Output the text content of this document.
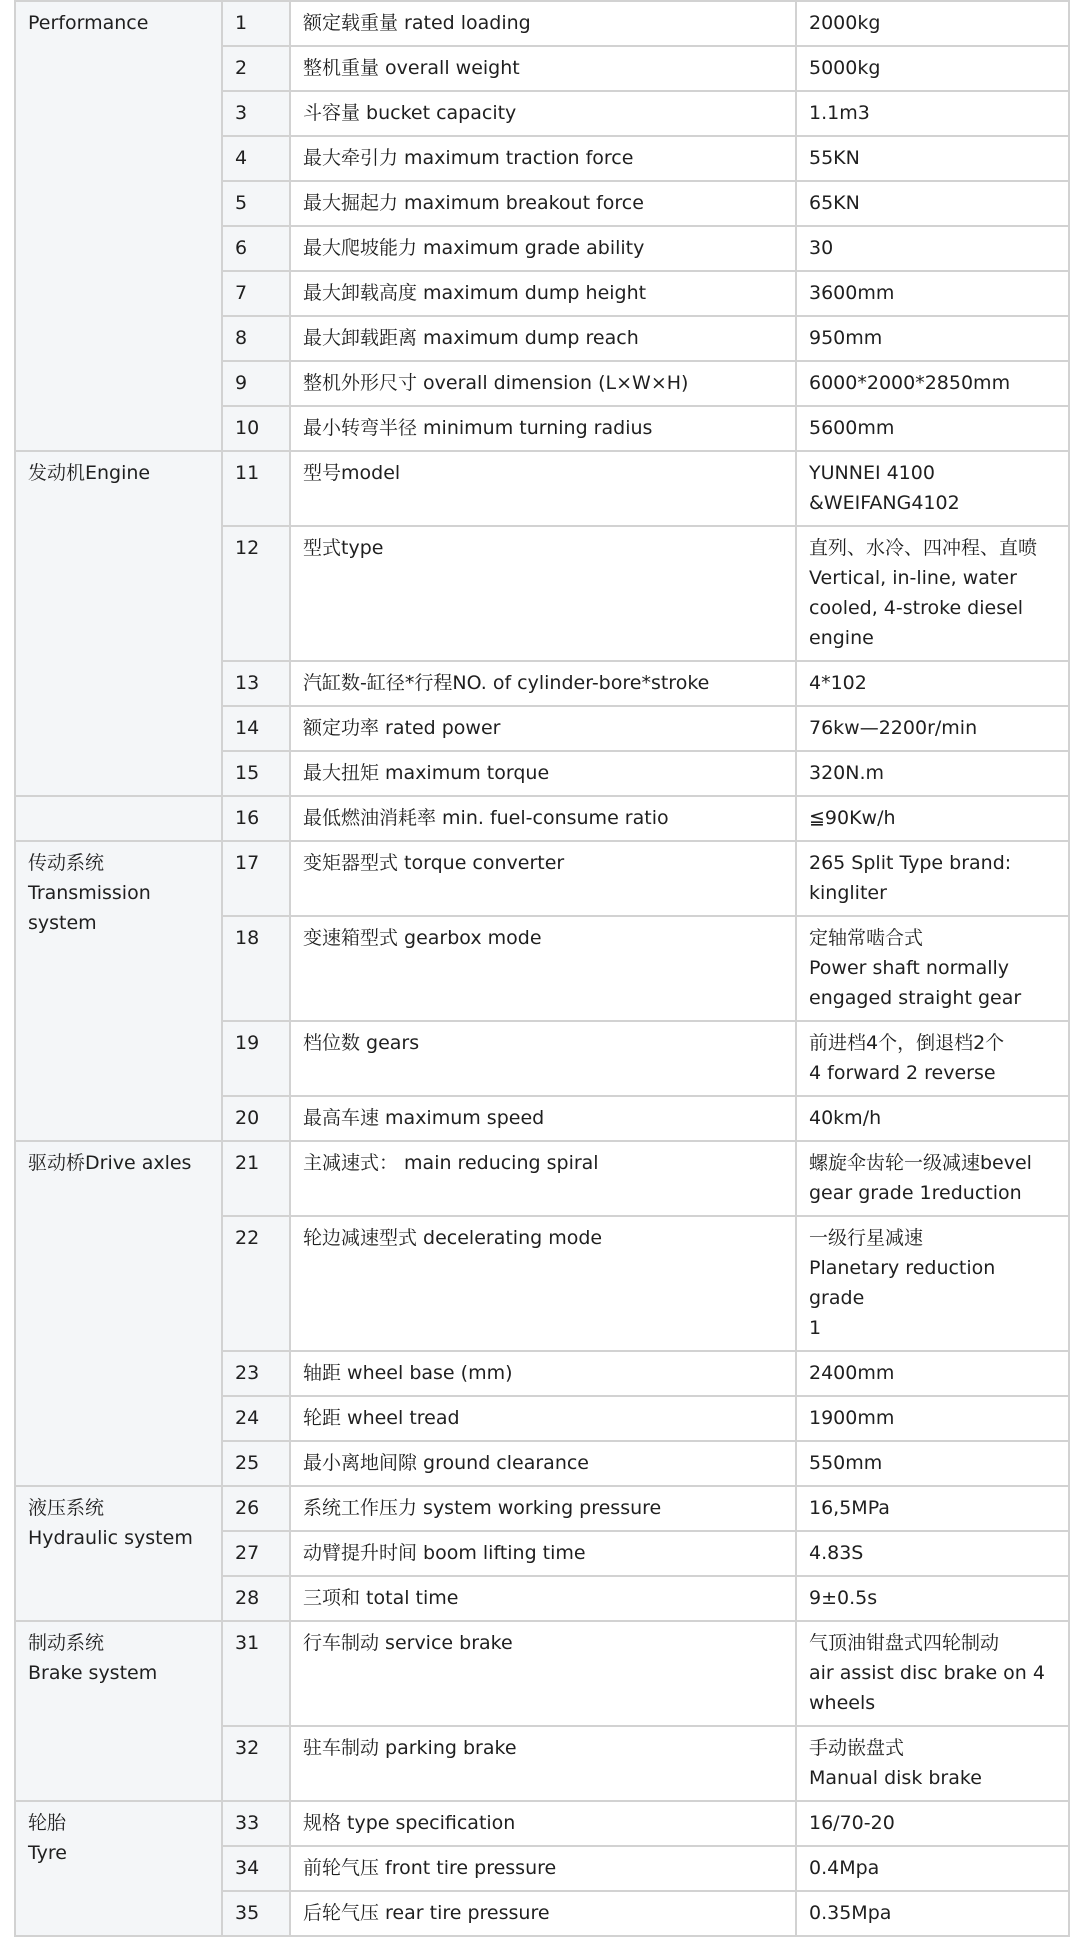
Performance	1	额定载重量 rated loading	2000kg

	2	整机重量 overall weight	5000kg

	3	斗容量 bucket capacity	1.1m3

	4	最大牵引力 maximum traction force	55KN

	5	最大掘起力 maximum breakout force	65KN

	6	最大爬坡能力 maximum grade ability	30

	7	最大卸载高度 maximum dump height	3600mm

	8	最大卸载距离 maximum dump reach	950mm

	9	整机外形尺寸 overall dimension (L×W×H)	6000*2000*2850mm

	10	最小转弯半径 minimum turning radius	5600mm

发动机Engine	11	型号model	YUNNEI 4100
&WEIFANG4102

	12	型式type	直列、水冷、四冲程、直喷
Vertical, in-line, water
cooled, 4-stroke diesel
engine

	13	汽缸数-缸径*行程NO. of cylinder-bore*stroke	4*102

	14	额定功率 rated power	76kw—2200r/min

	15	最大扭矩 maximum torque	320N.m

	16	最低燃油消耗率 min. fuel-consume ratio	≦90Kw/h

传动系统
Transmission
system	17	变矩器型式 torque converter	265 Split Type brand:
kingliter

	18	变速箱型式 gearbox mode	定轴常啮合式
Power shaft normally
engaged straight gear

	19	档位数 gears	前进档4个，倒退档2个
4 forward 2 reverse

	20	最高车速 maximum speed	40km/h

驱动桥Drive axles	21	主减速式： main reducing spiral	螺旋伞齿轮一级减速bevel
gear grade 1reduction

	22	轮边减速型式 decelerating mode	一级行星减速
Planetary reduction grade
1

	23	轴距 wheel base (mm)	2400mm

	24	轮距 wheel tread	1900mm

	25	最小离地间隙 ground clearance	550mm

液压系统
Hydraulic system	26	系统工作压力 system working pressure	16,5MPa

	27	动臂提升时间 boom lifting time	4.83S

	28	三项和 total time	9±0.5s

制动系统
Brake system	31	行车制动 service brake	气顶油钳盘式四轮制动
air assist disc brake on 4
wheels

	32	驻车制动 parking brake	手动嵌盘式
Manual disk brake

轮胎
Tyre	33	规格 type specification	16/70-20

	34	前轮气压 front tire pressure	0.4Mpa

	35	后轮气压 rear tire pressure	0.35Mpa
